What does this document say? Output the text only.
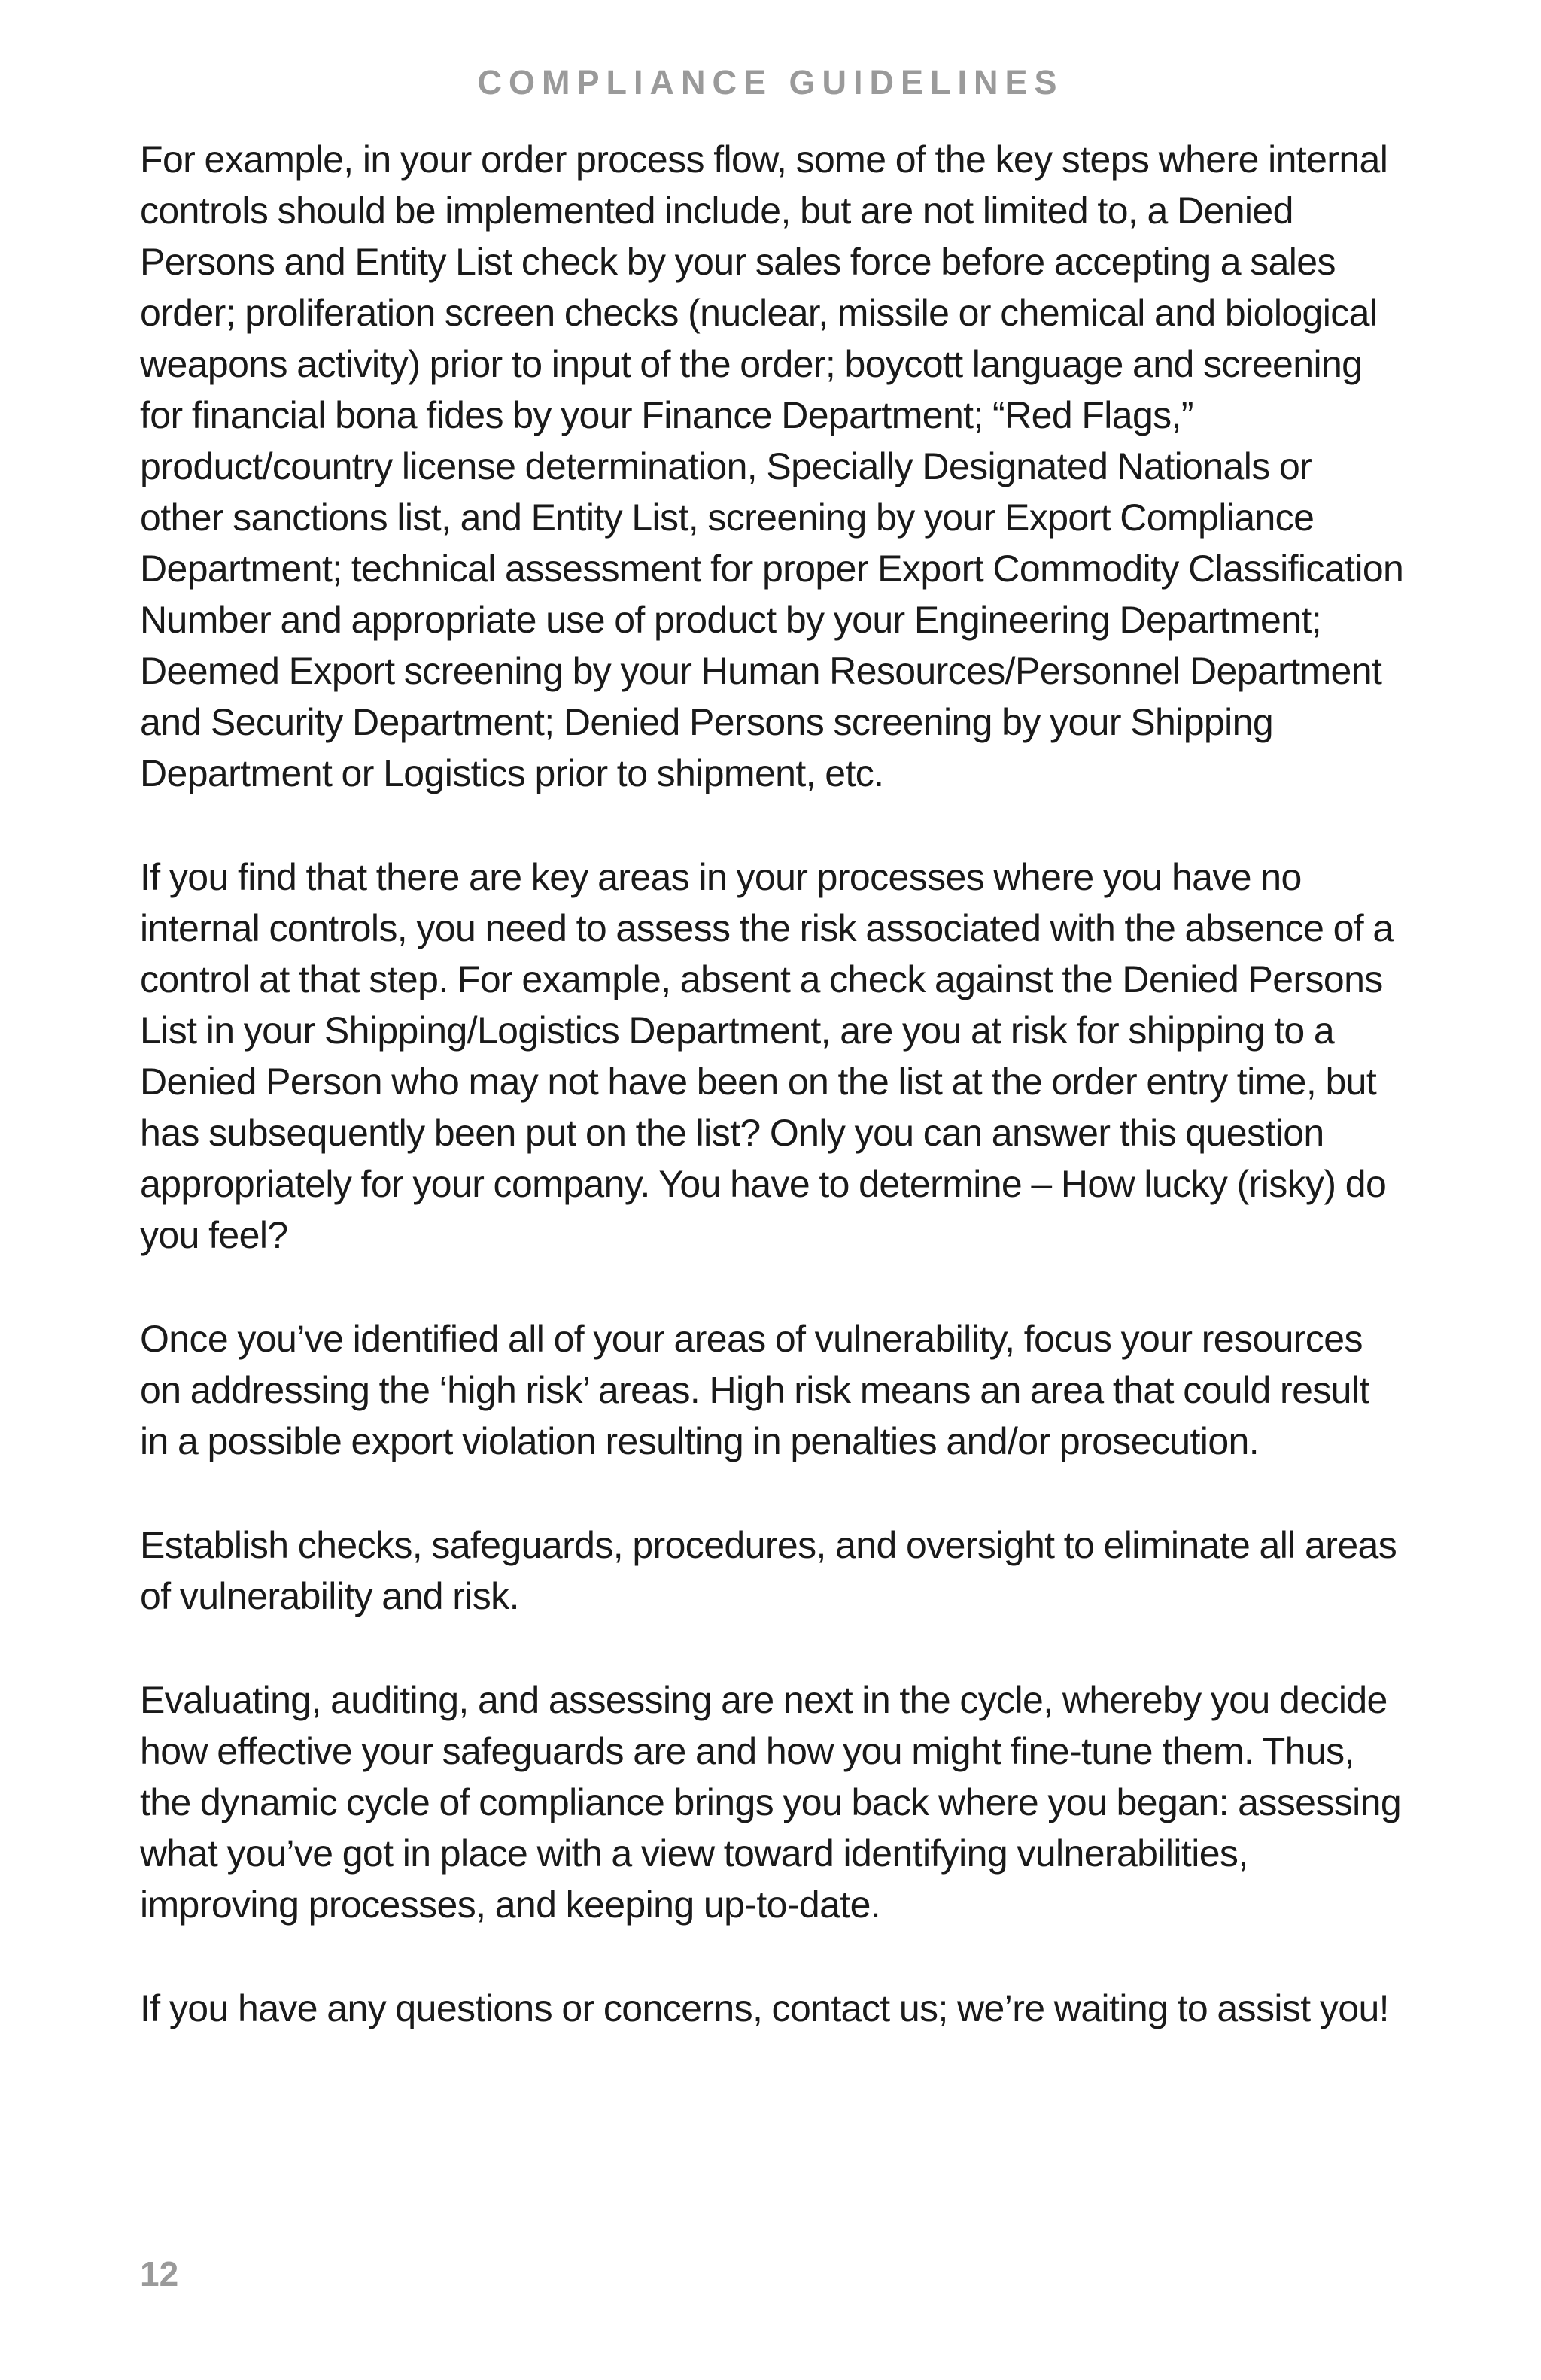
COMPLIANCE GUIDELINES

For example, in your order process flow, some of the key steps where internal controls should be implemented include, but are not limited to, a Denied Persons and Entity List check by your sales force before accepting a sales order; proliferation screen checks (nuclear, missile or chemical and biological weapons activity) prior to input of the order; boycott language and screening for financial bona fides by your Finance Department; “Red Flags,” product/country license determination, Specially Designated Nationals or other sanctions list, and Entity List, screening by your Export Compliance Department; technical assessment for proper Export Commodity Classification Number and appropriate use of product by your Engineering Department; Deemed Export screening by your Human Resources/Personnel Department and Security Department; Denied Persons screening by your Shipping Department or Logistics prior to shipment, etc.

If you find that there are key areas in your processes where you have no internal controls, you need to assess the risk associated with the absence of a control at that step. For example, absent a check against the Denied Persons List in your Shipping/Logistics Department, are you at risk for shipping to a Denied Person who may not have been on the list at the order entry time, but has subsequently been put on the list? Only you can answer this question appropriately for your company. You have to determine – How lucky (risky) do you feel?

Once you’ve identified all of your areas of vulnerability, focus your resources on addressing the ‘high risk’ areas. High risk means an area that could result in a possible export violation resulting in penalties and/or prosecution.

Establish checks, safeguards, procedures, and oversight to eliminate all areas of vulnerability and risk.

Evaluating, auditing, and assessing are next in the cycle, whereby you decide how effective your safeguards are and how you might fine-tune them. Thus, the dynamic cycle of compliance brings you back where you began: assessing what you’ve got in place with a view toward identifying vulnerabilities, improving processes, and keeping up-to-date.

If you have any questions or concerns, contact us; we’re waiting to assist you!

12
